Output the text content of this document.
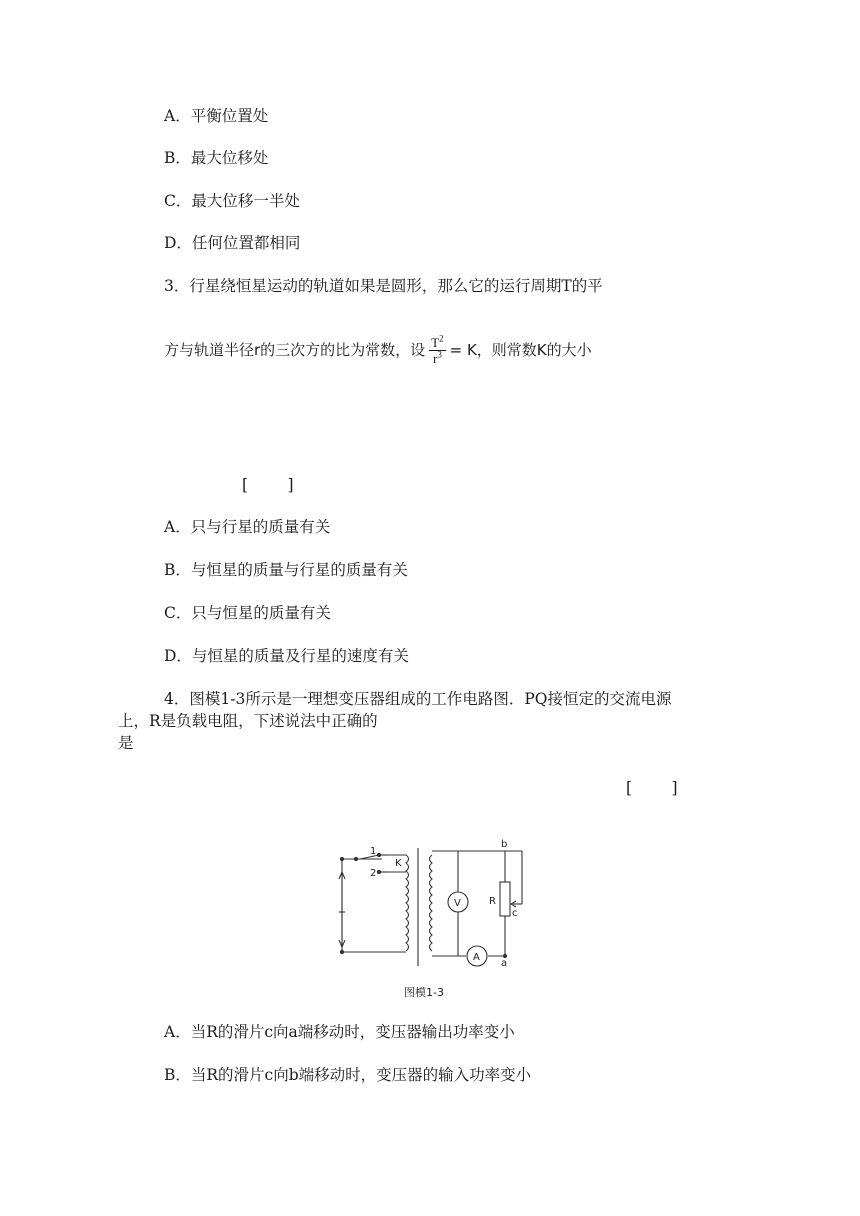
A．平衡位置处
B．最大位移处
C．最大位移一半处
D．任何位置都相同
3．行星绕恒星运动的轨道如果是圆形，那么它的运行周期T的平
方与轨道半径r的三次方的比为常数，设 $\frac{T^2}{r^3} = K$，则常数K的大小
[        ]
A．只与行星的质量有关
B．与恒星的质量与行星的质量有关
C．只与恒星的质量有关
D．与恒星的质量及行星的速度有关
4．图模1-3所示是一理想变压器组成的工作电路图．PQ接恒定的交流电源
上，R是负载电阻，下述说法中正确的
是
[        ]
1
2
K
V
A
R
a
b
c
图模1-3
A．当R的滑片c向a端移动时，变压器输出功率变小
B．当R的滑片c向b端移动时，变压器的输入功率变小
